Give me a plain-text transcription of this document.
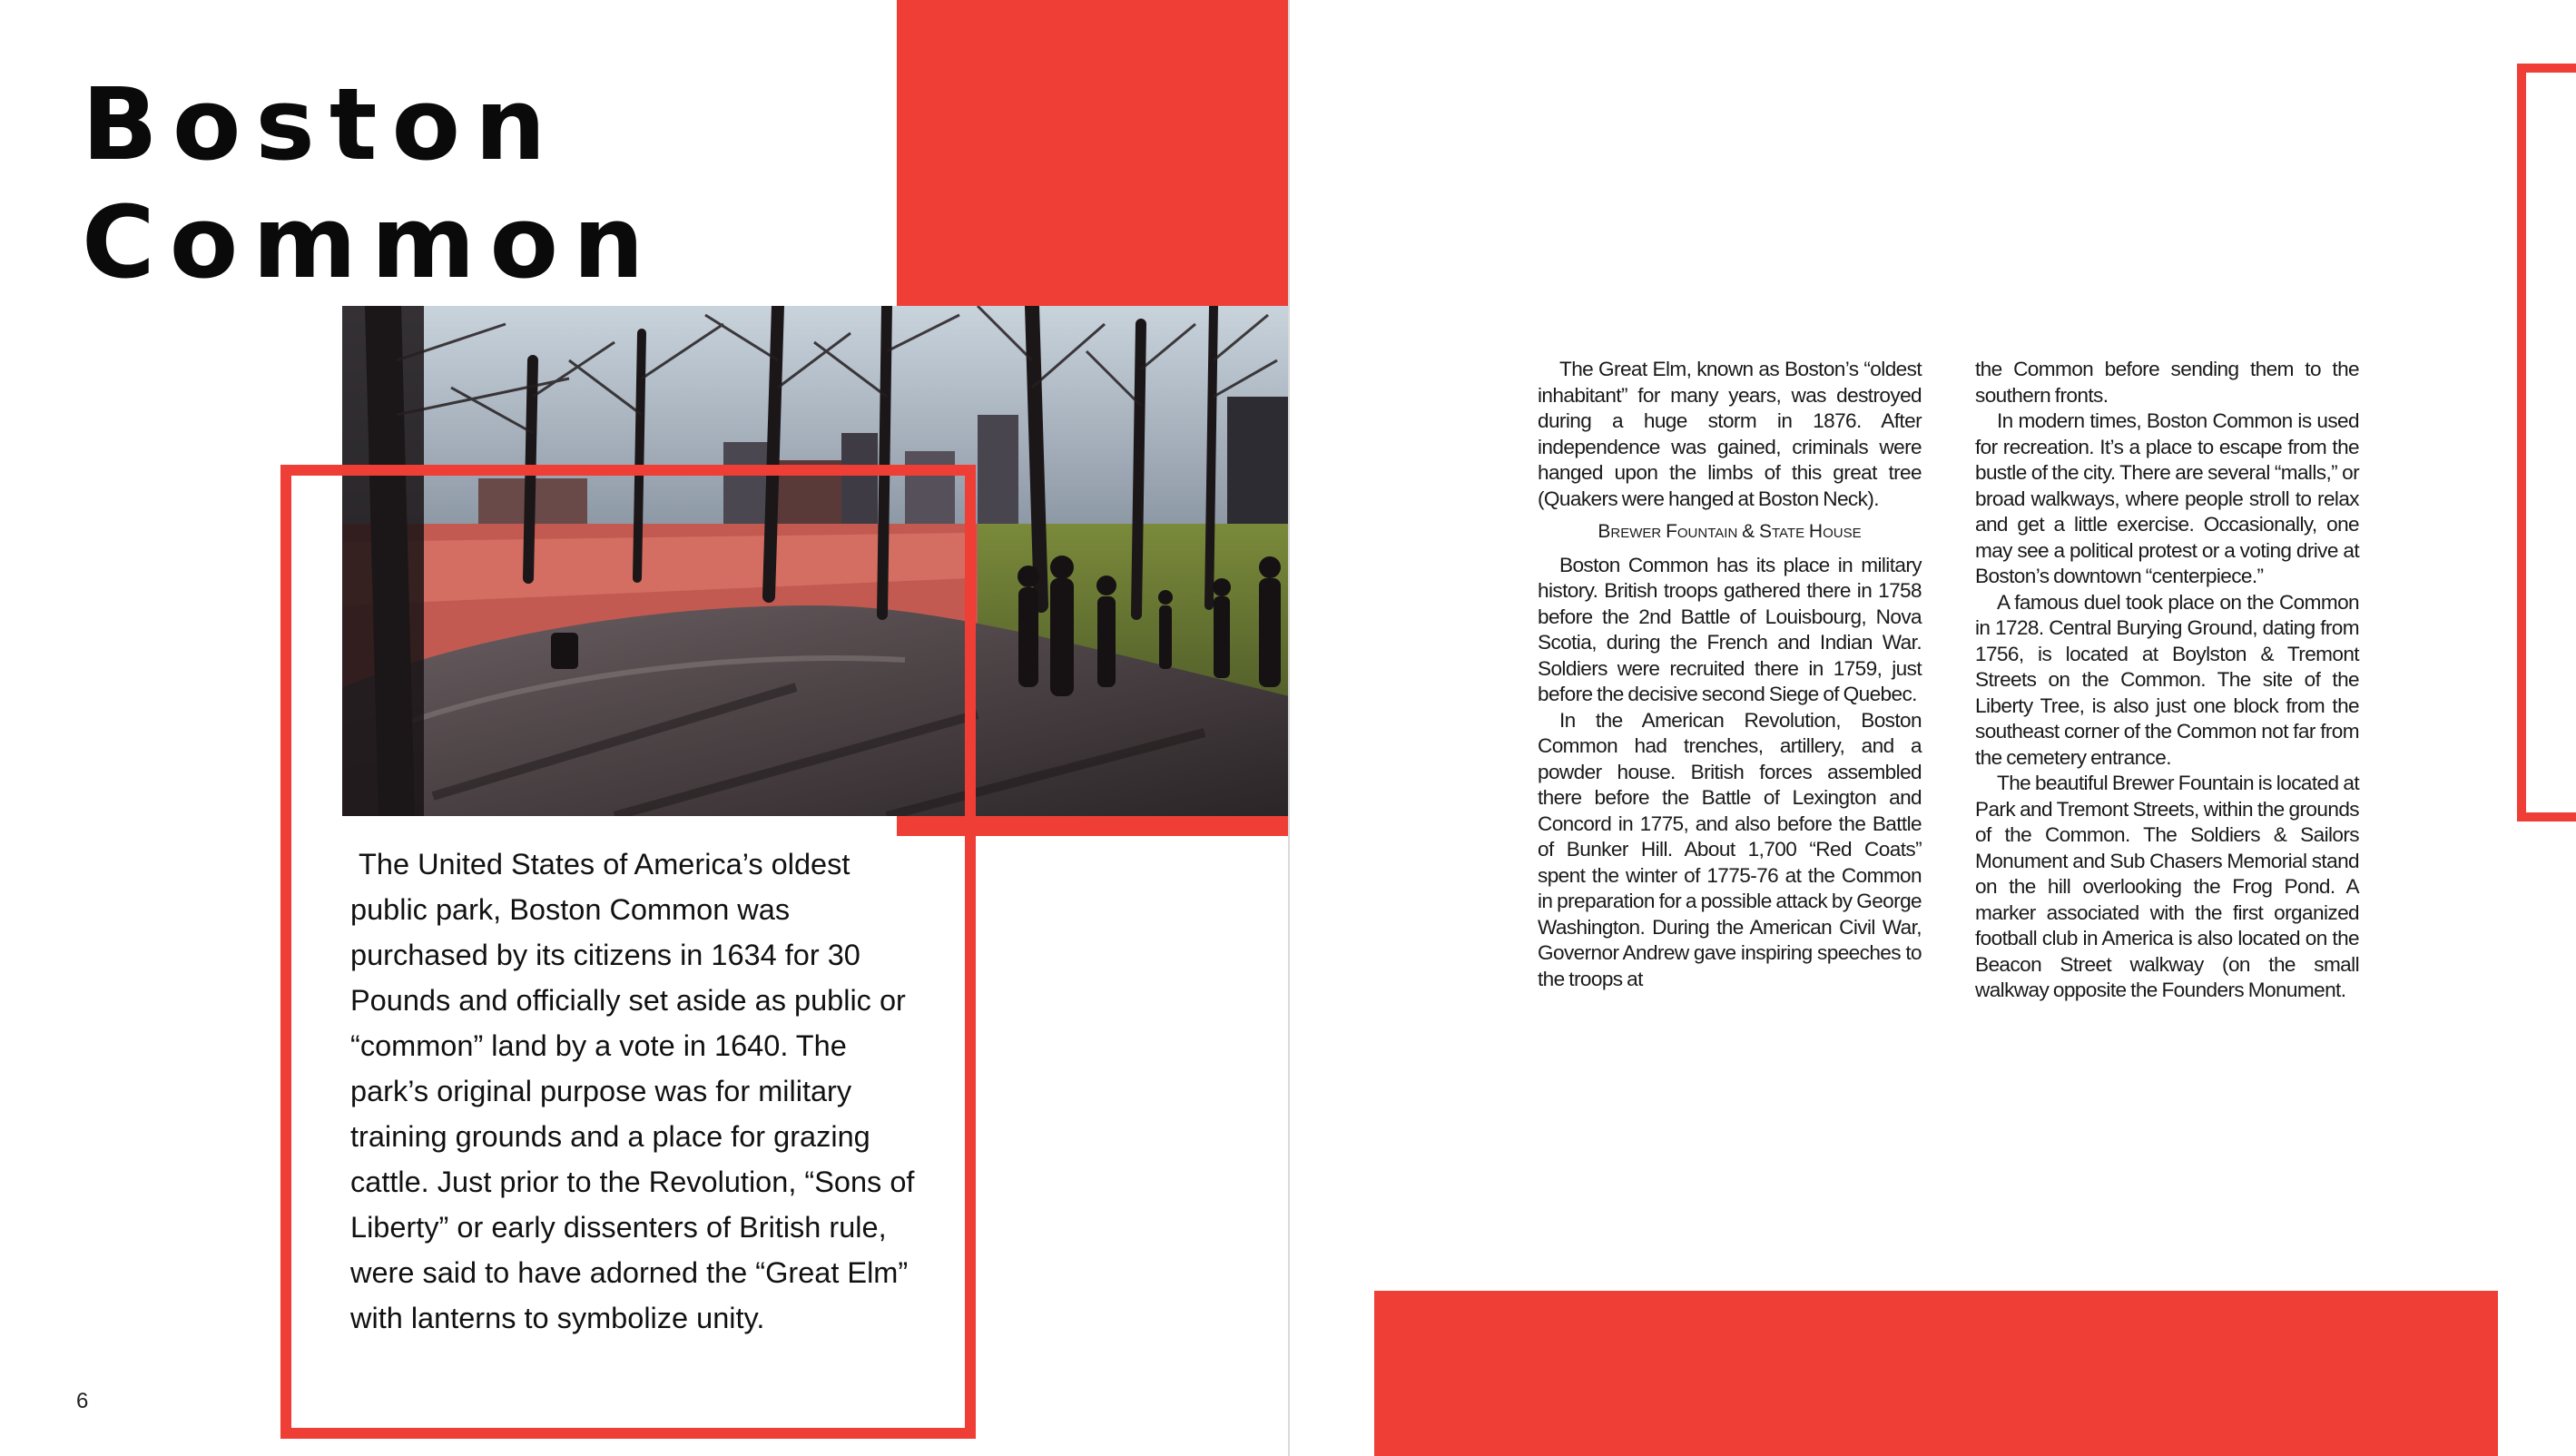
Boston
Common

The United States of America’s oldest public park, Boston Common was purchased by its citizens in 1634 for 30 Pounds and officially set aside as public or “common” land by a vote in 1640. The park’s original purpose was for military training grounds and a place for grazing cattle. Just prior to the Revolution, “Sons of Liberty” or early dissenters of British rule, were said to have adorned the “Great Elm” with lanterns to symbolize unity.

6

The Great Elm, known as Boston’s “oldest inhabitant” for many years, was destroyed during a huge storm in 1876. After independence was gained, criminals were hanged upon the limbs of this great tree (Quakers were hanged at Boston Neck).

Brewer Fountain & State House

Boston Common has its place in military history. British troops gathered there in 1758 before the 2nd Battle of Louisbourg, Nova Scotia, during the French and Indian War. Soldiers were recruited there in 1759, just before the decisive second Siege of Quebec.

In the American Revolution, Boston Common had trenches, artillery, and a powder house. British forces assembled there before the Battle of Lexington and Concord in 1775, and also before the Battle of Bunker Hill. About 1,700 “Red Coats” spent the winter of 1775-76 at the Common in preparation for a possible attack by George Washington. During the American Civil War, Governor Andrew gave inspiring speeches to the troops at

the Common before sending them to the southern fronts.

In modern times, Boston Common is used for recreation. It’s a place to escape from the bustle of the city. There are several “malls,” or broad walkways, where people stroll to relax and get a little exercise. Occasionally, one may see a political protest or a voting drive at Boston’s downtown “centerpiece.”

A famous duel took place on the Common in 1728. Central Burying Ground, dating from 1756, is located at Boylston & Tremont Streets on the Common. The site of the Liberty Tree, is also just one block from the southeast corner of the Common not far from the cemetery entrance.

The beautiful Brewer Fountain is located at Park and Tremont Streets, within the grounds of the Common. The Soldiers & Sailors Monument and Sub Chasers Memorial stand on the hill overlooking the Frog Pond. A marker associated with the first organized football club in America is also located on the Beacon Street walkway (on the small walkway opposite the Founders Monument.
